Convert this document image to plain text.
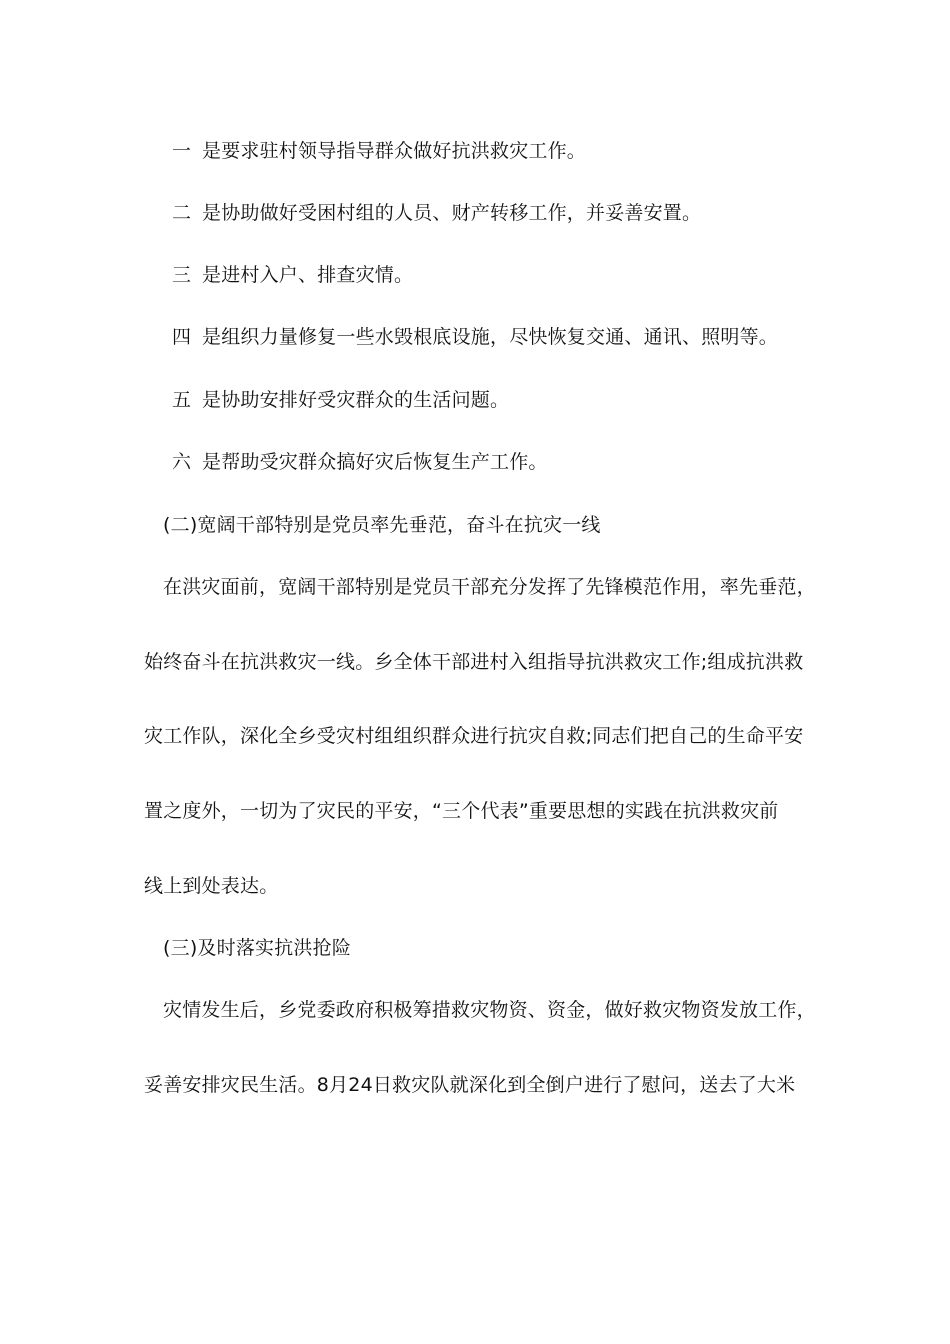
一 是要求驻村领导指导群众做好抗洪救灾工作。
二 是协助做好受困村组的人员、财产转移工作，并妥善安置。
三 是进村入户、排查灾情。
四 是组织力量修复一些水毁根底设施，尽快恢复交通、通讯、照明等。
五 是协助安排好受灾群众的生活问题。
六 是帮助受灾群众搞好灾后恢复生产工作。
(二)宽阔干部特别是党员率先垂范，奋斗在抗灾一线
在洪灾面前，宽阔干部特别是党员干部充分发挥了先锋模范作用，率先垂范，
始终奋斗在抗洪救灾一线。乡全体干部进村入组指导抗洪救灾工作;组成抗洪救
灾工作队，深化全乡受灾村组组织群众进行抗灾自救;同志们把自己的生命平安
置之度外，一切为了灾民的平安，“三个代表”重要思想的实践在抗洪救灾前
线上到处表达。
(三)及时落实抗洪抢险
灾情发生后，乡党委政府积极筹措救灾物资、资金，做好救灾物资发放工作，
妥善安排灾民生活。8月24日救灾队就深化到全倒户进行了慰问，送去了大米
